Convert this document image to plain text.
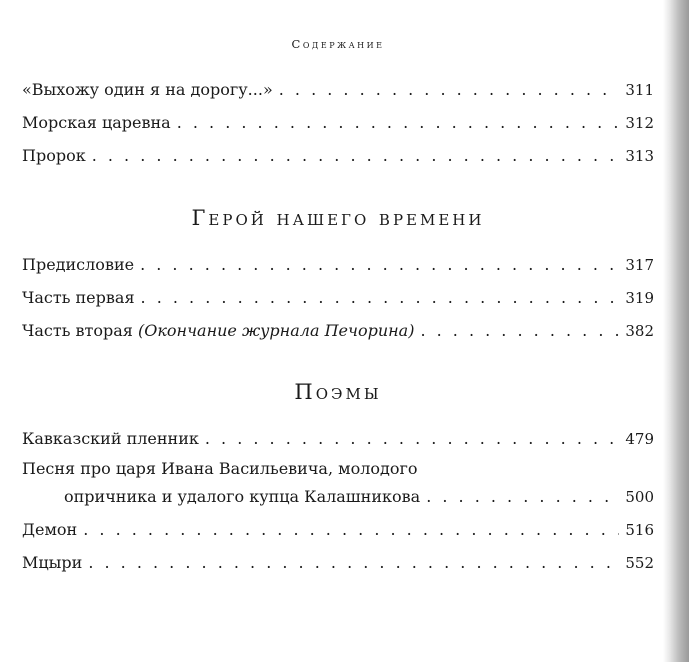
Содержание
«Выхожу один я на дорогу...» . . .	311
Морская царевна . . .	312
Пророк . . .	313
Герой нашего времени
Предисловие . . .	317
Часть первая . . .	319
Часть вторая (Окончание журнала Печорина) . . .	382
Поэмы
Кавказский пленник . . .	479
Песня про царя Ивана Васильевича, молодого
опричника и удалого купца Калашникова . . .	500
Демон . . .	516
Мцыри . . .	552
